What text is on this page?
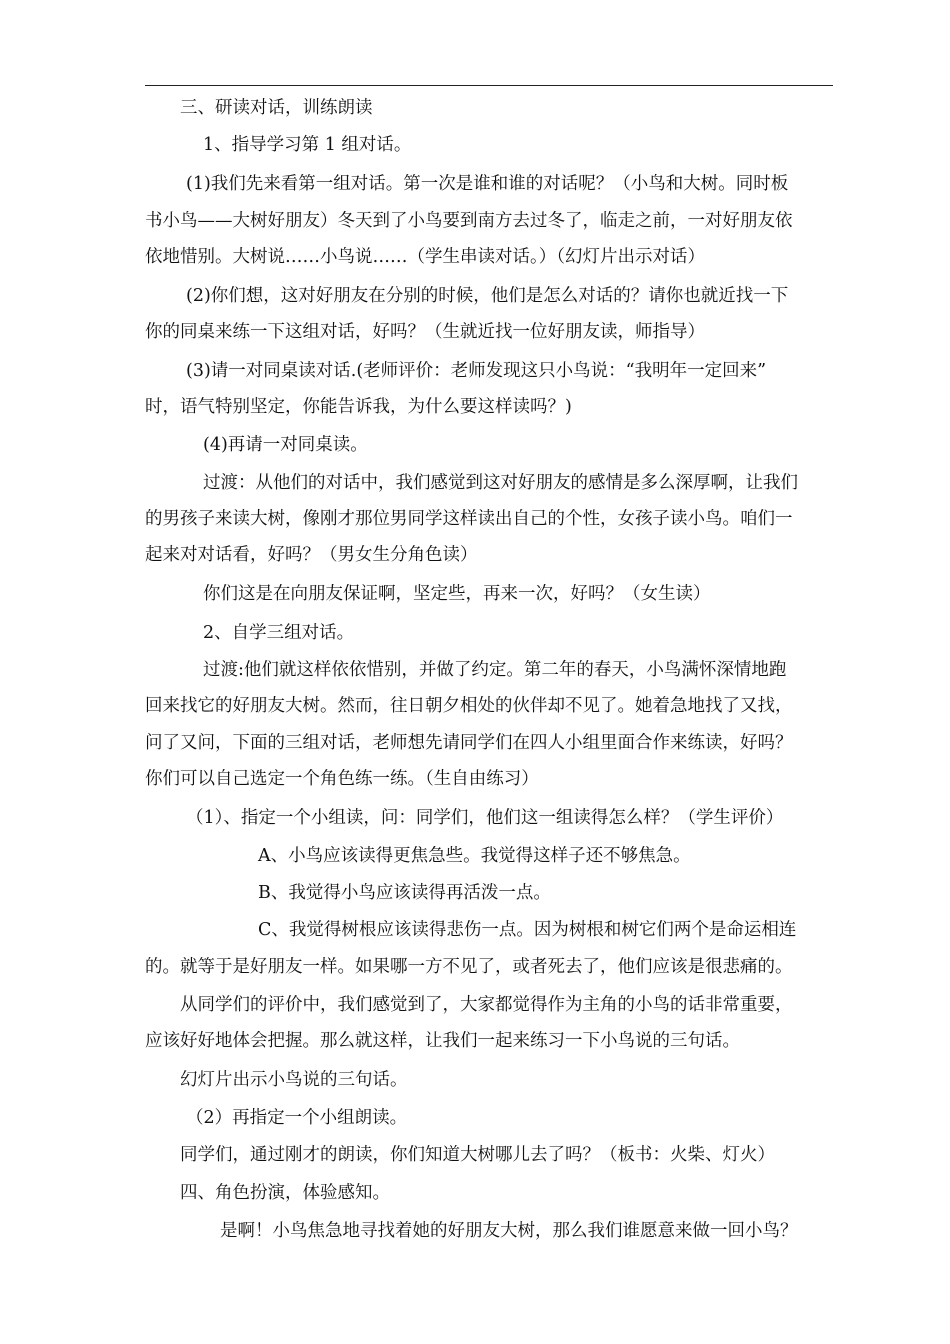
三、研读对话，训练朗读
1、指导学习第 1 组对话。
(1)我们先来看第一组对话。第一次是谁和谁的对话呢？（小鸟和大树。同时板
书小鸟——大树好朋友）冬天到了小鸟要到南方去过冬了，临走之前，一对好朋友依
依地惜别。大树说……小鸟说……（学生串读对话。）（幻灯片出示对话）
(2)你们想，这对好朋友在分别的时候，他们是怎么对话的？请你也就近找一下
你的同桌来练一下这组对话，好吗？（生就近找一位好朋友读，师指导）
(3)请一对同桌读对话.(老师评价：老师发现这只小鸟说：“我明年一定回来”
时，语气特别坚定，你能告诉我，为什么要这样读吗？)
(4)再请一对同桌读。
过渡：从他们的对话中，我们感觉到这对好朋友的感情是多么深厚啊，让我们
的男孩子来读大树，像刚才那位男同学这样读出自己的个性，女孩子读小鸟。咱们一
起来对对话看，好吗？（男女生分角色读）
你们这是在向朋友保证啊，坚定些，再来一次，好吗？（女生读）
2、自学三组对话。
过渡:他们就这样依依惜别，并做了约定。第二年的春天，小鸟满怀深情地跑
回来找它的好朋友大树。然而，往日朝夕相处的伙伴却不见了。她着急地找了又找，
问了又问，下面的三组对话，老师想先请同学们在四人小组里面合作来练读，好吗？
你们可以自己选定一个角色练一练。（生自由练习）
（1）、指定一个小组读，问：同学们，他们这一组读得怎么样？（学生评价）
A、小鸟应该读得更焦急些。我觉得这样子还不够焦急。
B、我觉得小鸟应该读得再活泼一点。
C、我觉得树根应该读得悲伤一点。因为树根和树它们两个是命运相连
的。就等于是好朋友一样。如果哪一方不见了，或者死去了，他们应该是很悲痛的。
从同学们的评价中，我们感觉到了，大家都觉得作为主角的小鸟的话非常重要，
应该好好地体会把握。那么就这样，让我们一起来练习一下小鸟说的三句话。
幻灯片出示小鸟说的三句话。
（2）再指定一个小组朗读。
同学们，通过刚才的朗读，你们知道大树哪儿去了吗？（板书：火柴、灯火）
四、角色扮演，体验感知。
是啊！小鸟焦急地寻找着她的好朋友大树，那么我们谁愿意来做一回小鸟？
